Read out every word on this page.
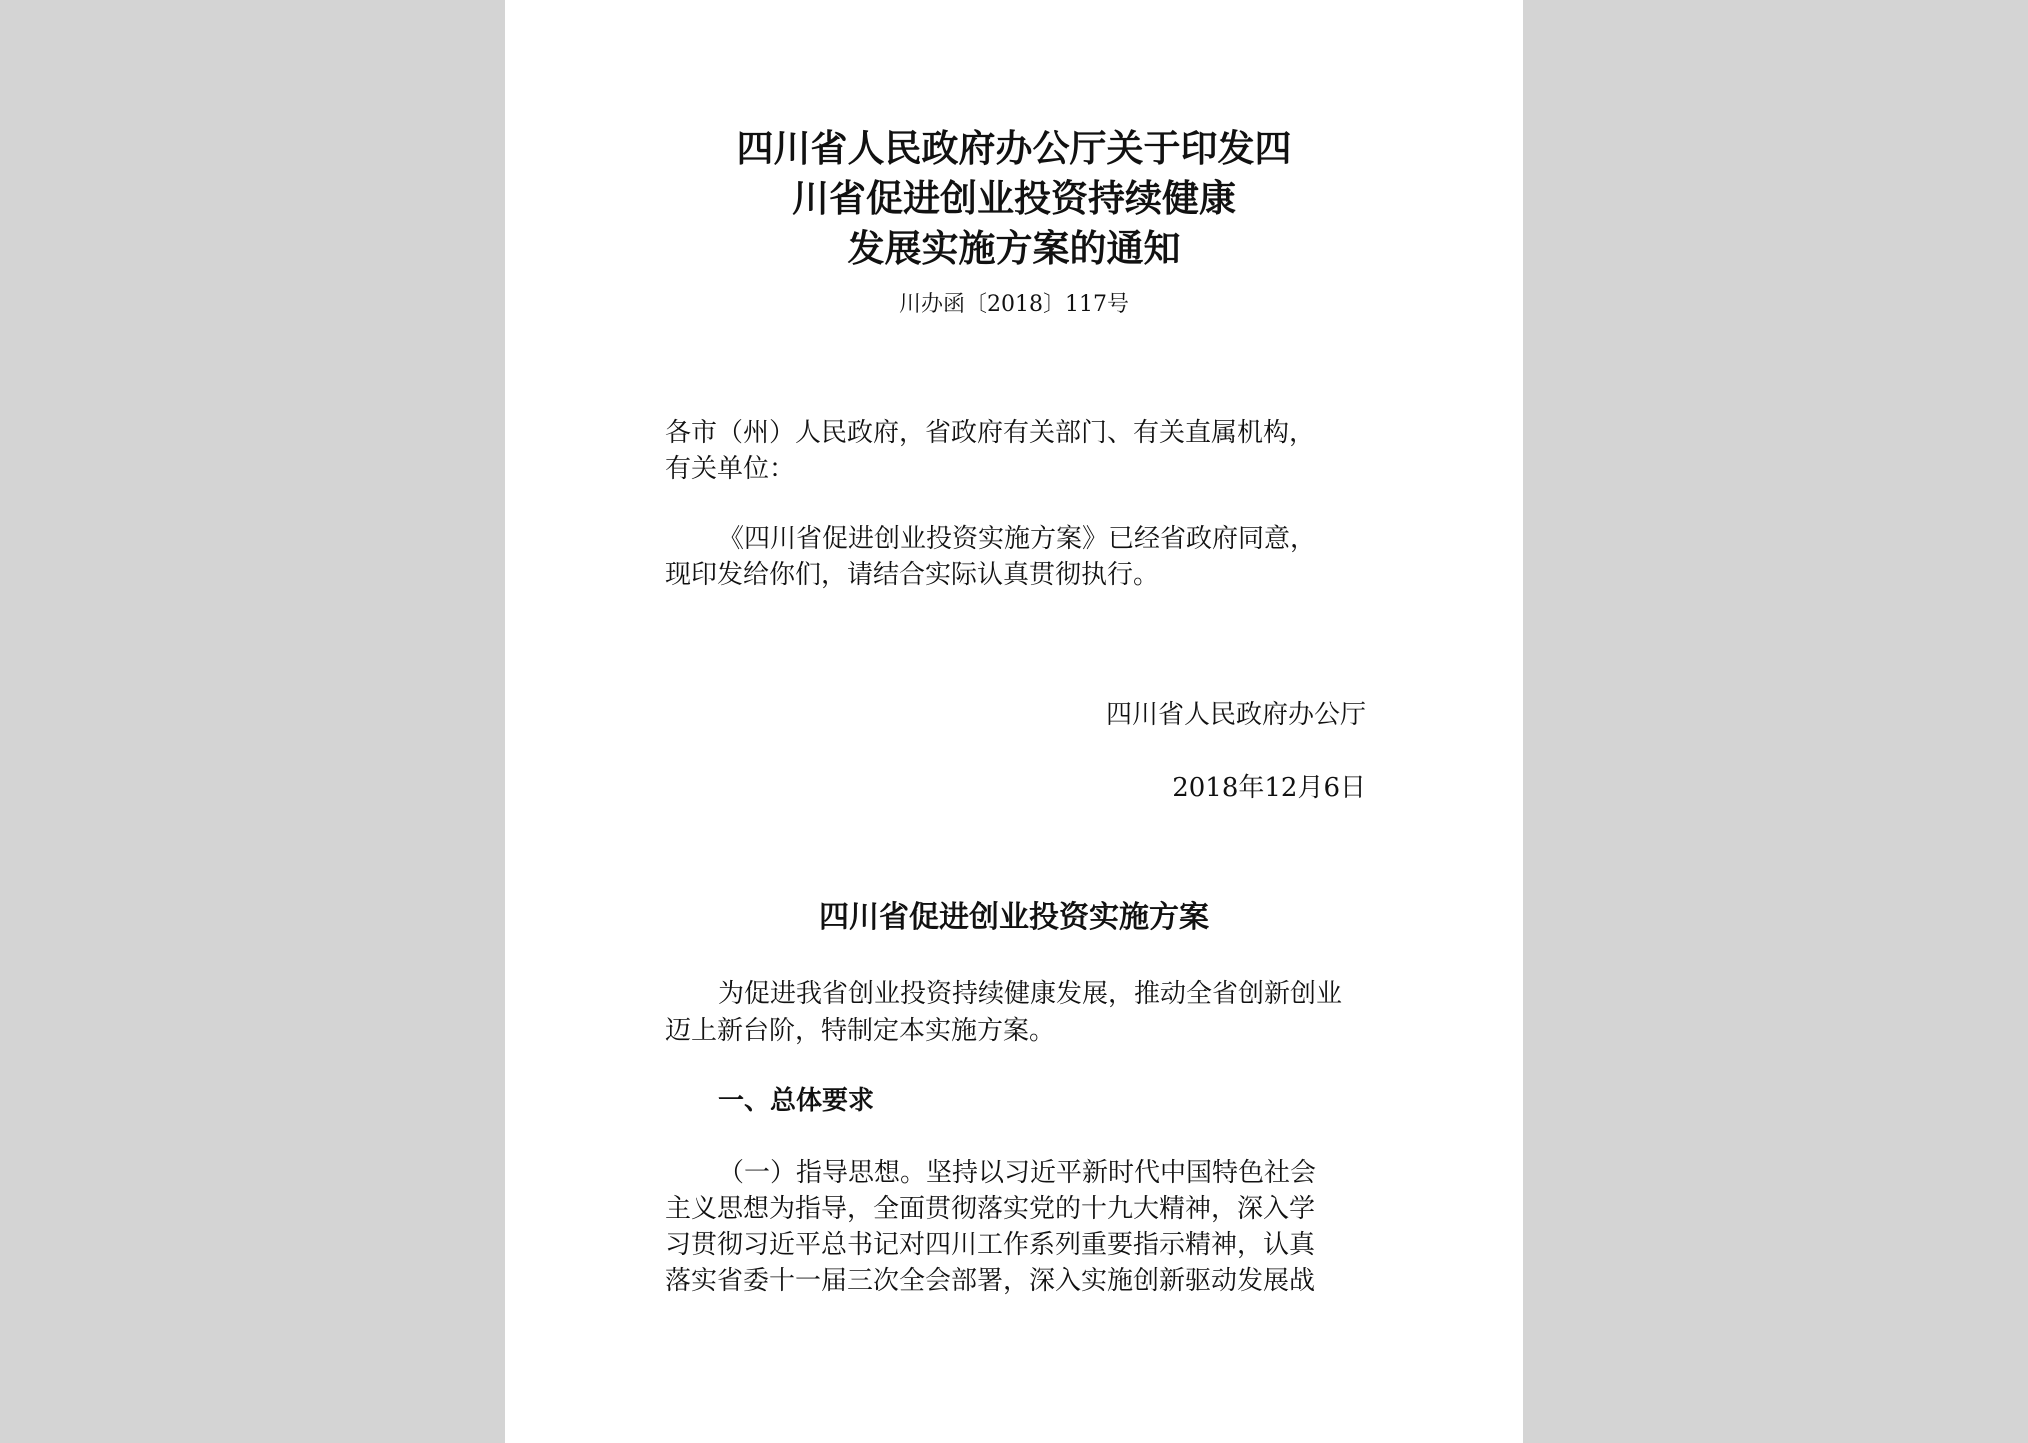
四川省人民政府办公厅关于印发四
川省促进创业投资持续健康
发展实施方案的通知
川办函〔2018〕117号
各市（州）人民政府，省政府有关部门、有关直属机构，
有关单位：
《四川省促进创业投资实施方案》已经省政府同意，
现印发给你们，请结合实际认真贯彻执行。
四川省人民政府办公厅
2018年12月6日
四川省促进创业投资实施方案
为促进我省创业投资持续健康发展，推动全省创新创业
迈上新台阶，特制定本实施方案。
一、总体要求
（一）指导思想。坚持以习近平新时代中国特色社会
主义思想为指导，全面贯彻落实党的十九大精神，深入学
习贯彻习近平总书记对四川工作系列重要指示精神，认真
落实省委十一届三次全会部署，深入实施创新驱动发展战
